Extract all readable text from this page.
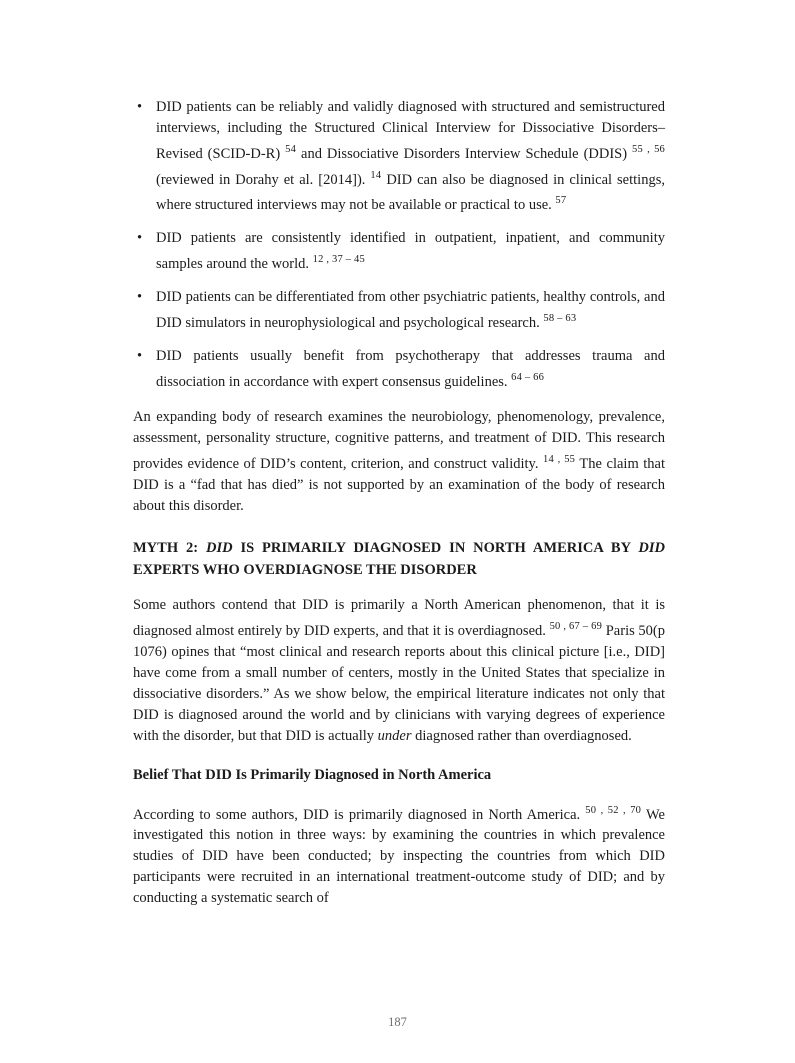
• DID patients can be reliably and validly diagnosed with structured and semistructured interviews, including the Structured Clinical Interview for Dissociative Disorders–Revised (SCID-D-R) $^{54}$ and Dissociative Disorders Interview Schedule (DDIS) $^{55 , 56}$ (reviewed in Dorahy et al. [2014]). $^{14}$ DID can also be diagnosed in clinical settings, where structured interviews may not be available or practical to use. $^{57}$
• DID patients are consistently identified in outpatient, inpatient, and community samples around the world. $^{12 , 37 - 45}$
• DID patients can be differentiated from other psychiatric patients, healthy controls, and DID simulators in neurophysiological and psychological research. $^{58 - 63}$
• DID patients usually benefit from psychotherapy that addresses trauma and dissociation in accordance with expert consensus guidelines. $^{64 - 66}$
An expanding body of research examines the neurobiology, phenomenology, prevalence, assessment, personality structure, cognitive patterns, and treatment of DID. This research provides evidence of DID’s content, criterion, and construct validity. $^{14 , 55}$ The claim that DID is a “fad that has died” is not supported by an examination of the body of research about this disorder.
MYTH 2: DID IS PRIMARILY DIAGNOSED IN NORTH AMERICA BY DID EXPERTS WHO OVERDIAGNOSE THE DISORDER
Some authors contend that DID is primarily a North American phenomenon, that it is diagnosed almost entirely by DID experts, and that it is overdiagnosed. $^{50 , 67 - 69}$ Paris 50(p 1076) opines that “most clinical and research reports about this clinical picture [i.e., DID] have come from a small number of centers, mostly in the United States that specialize in dissociative disorders.” As we show below, the empirical literature indicates not only that DID is diagnosed around the world and by clinicians with varying degrees of experience with the disorder, but that DID is actually under diagnosed rather than overdiagnosed.
Belief That DID Is Primarily Diagnosed in North America
According to some authors, DID is primarily diagnosed in North America. $^{50 , 52 , 70}$ We investigated this notion in three ways: by examining the countries in which prevalence studies of DID have been conducted; by inspecting the countries from which DID participants were recruited in an international treatment-outcome study of DID; and by conducting a systematic search of
187
